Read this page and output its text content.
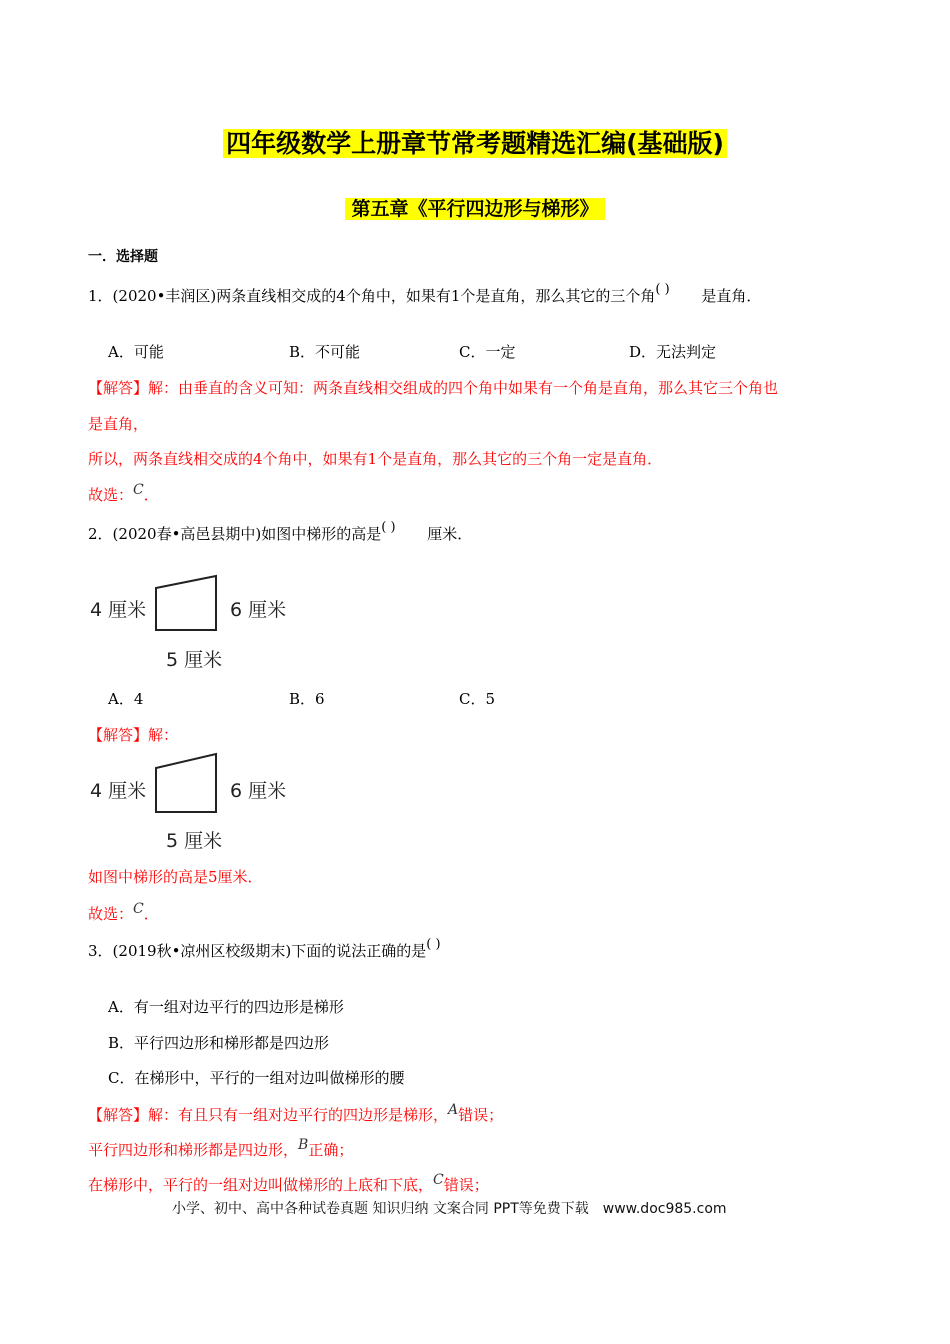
四年级数学上册章节常考题精选汇编(基础版)
第五章《平行四边形与梯形》
一．选择题
1．(2020•丰润区)两条直线相交成的4个角中，如果有1个是直角，那么其它的三个角( ) 是直角．
A．可能	B．不可能	C．一定	D．无法判定
【解答】解：由垂直的含义可知：两条直线相交组成的四个角中如果有一个角是直角，那么其它三个角也
是直角，
所以，两条直线相交成的4个角中，如果有1个是直角，那么其它的三个角一定是直角．
故选：C．
2．(2020春•高邑县期中)如图中梯形的高是( ) 厘米．
4 厘米	6 厘米
5 厘米
A．4	B．6	C．5
【解答】解：
4 厘米	6 厘米
5 厘米
如图中梯形的高是5厘米．
故选：C．
3．(2019秋•凉州区校级期末)下面的说法正确的是( )
A．有一组对边平行的四边形是梯形
B．平行四边形和梯形都是四边形
C．在梯形中，平行的一组对边叫做梯形的腰
【解答】解：有且只有一组对边平行的四边形是梯形，A错误；
平行四边形和梯形都是四边形，B正确；
在梯形中，平行的一组对边叫做梯形的上底和下底，C错误；
小学、初中、高中各种试卷真题 知识归纳 文案合同 PPT等免费下载　www.doc985.com
